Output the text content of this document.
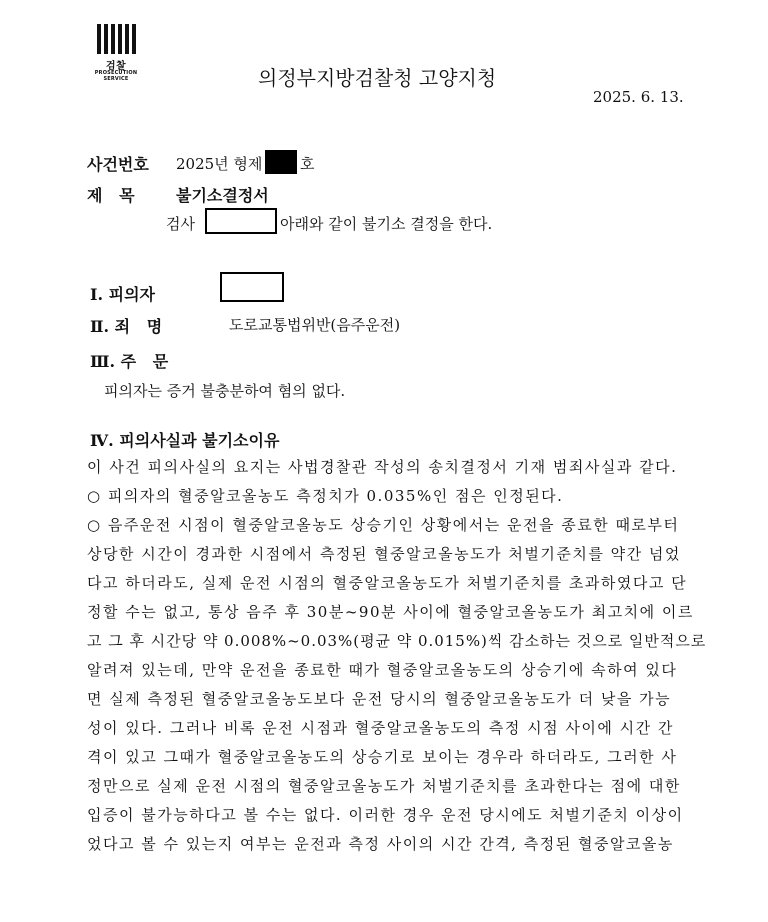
검찰
PROSECUTION SERVICE	의정부지방검찰청 고양지청
2025. 6. 13.
사건번호 2025년 형제	호
제   목	불기소결정서
검사	아래와 같이 불기소 결정을 한다.
Ⅰ. 피의자
Ⅱ. 죄   명	도로교통법위반(음주운전)
Ⅲ. 주   문
피의자는 증거 불충분하여 혐의 없다.
Ⅳ. 피의사실과 불기소이유
이 사건 피의사실의 요지는 사법경찰관 작성의 송치결정서 기재 범죄사실과 같다.
○ 피의자의 혈중알코올농도 측정치가 0.035%인 점은 인정된다.
○ 음주운전 시점이 혈중알코올농도 상승기인 상황에서는 운전을 종료한 때로부터
상당한 시간이 경과한 시점에서 측정된 혈중알코올농도가 처벌기준치를 약간 넘었
다고 하더라도, 실제 운전 시점의 혈중알코올농도가 처벌기준치를 초과하였다고 단
정할 수는 없고, 통상 음주 후 30분~90분 사이에 혈중알코올농도가 최고치에 이르
고 그 후 시간당 약 0.008%~0.03%(평균 약 0.015%)씩 감소하는 것으로 일반적으로
알려져 있는데, 만약 운전을 종료한 때가 혈중알코올농도의 상승기에 속하여 있다
면 실제 측정된 혈중알코올농도보다 운전 당시의 혈중알코올농도가 더 낮을 가능
성이 있다. 그러나 비록 운전 시점과 혈중알코올농도의 측정 시점 사이에 시간 간
격이 있고 그때가 혈중알코올농도의 상승기로 보이는 경우라 하더라도, 그러한 사
정만으로 실제 운전 시점의 혈중알코올농도가 처벌기준치를 초과한다는 점에 대한
입증이 불가능하다고 볼 수는 없다. 이러한 경우 운전 당시에도 처벌기준치 이상이
었다고 볼 수 있는지 여부는 운전과 측정 사이의 시간 간격, 측정된 혈중알코올농
